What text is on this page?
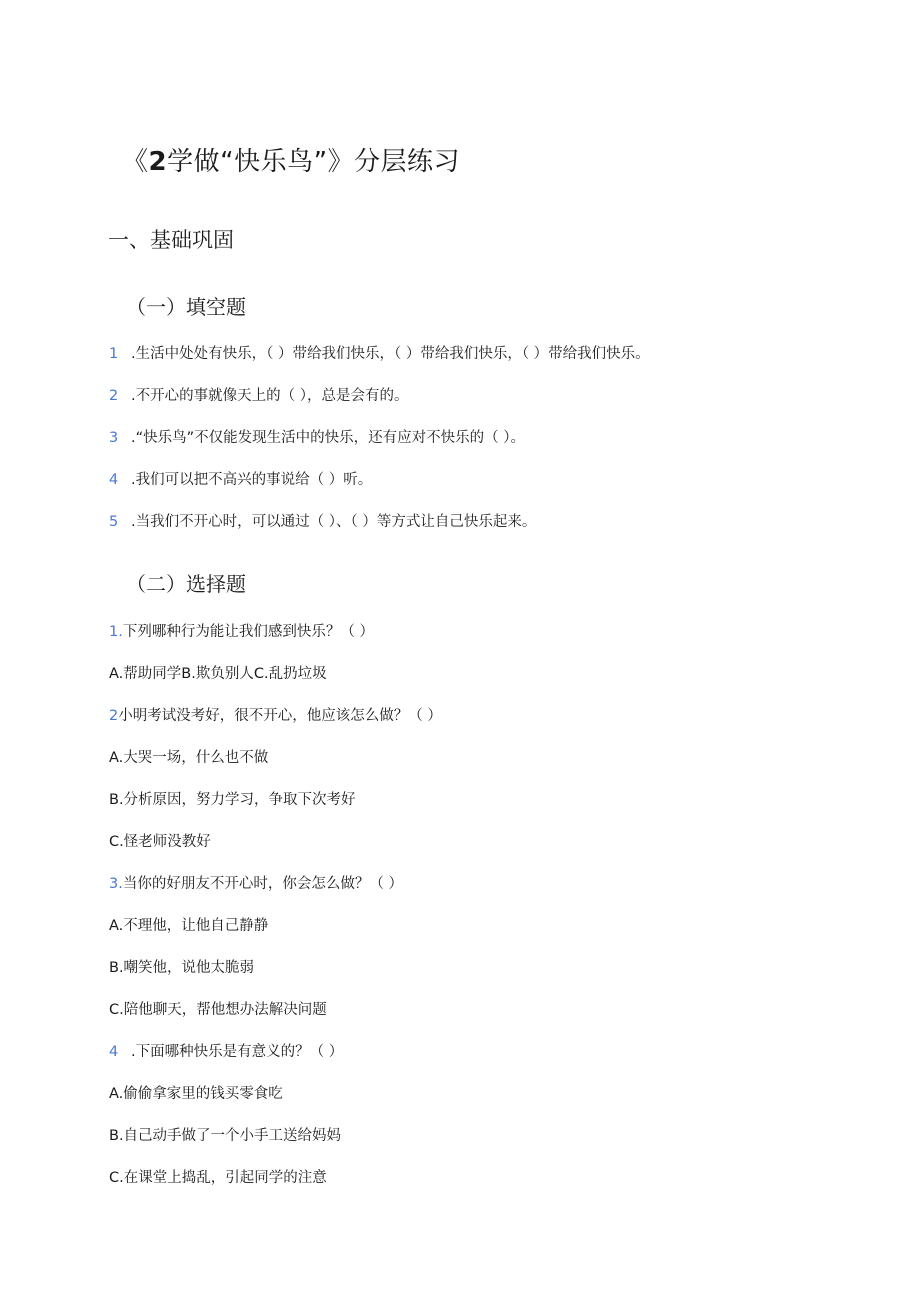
《2学做“快乐鸟”》分层练习
一、基础巩固
（一）填空题
1 .生活中处处有快乐，（ ）带给我们快乐，（ ）带给我们快乐，（ ）带给我们快乐。
2 .不开心的事就像天上的（ ），总是会有的。
3 .“快乐鸟”不仅能发现生活中的快乐，还有应对不快乐的（ ）。
4 .我们可以把不高兴的事说给（ ）听。
5 .当我们不开心时，可以通过（ ）、（ ）等方式让自己快乐起来。
（二）选择题
1.下列哪种行为能让我们感到快乐？（ ）
A.帮助同学B.欺负别人C.乱扔垃圾
2小明考试没考好，很不开心，他应该怎么做？（ ）
A.大哭一场，什么也不做
B.分析原因，努力学习，争取下次考好
C.怪老师没教好
3.当你的好朋友不开心时，你会怎么做？（ ）
A.不理他，让他自己静静
B.嘲笑他，说他太脆弱
C.陪他聊天，帮他想办法解决问题
4 .下面哪种快乐是有意义的？（ ）
A.偷偷拿家里的钱买零食吃
B.自己动手做了一个小手工送给妈妈
C.在课堂上捣乱，引起同学的注意
